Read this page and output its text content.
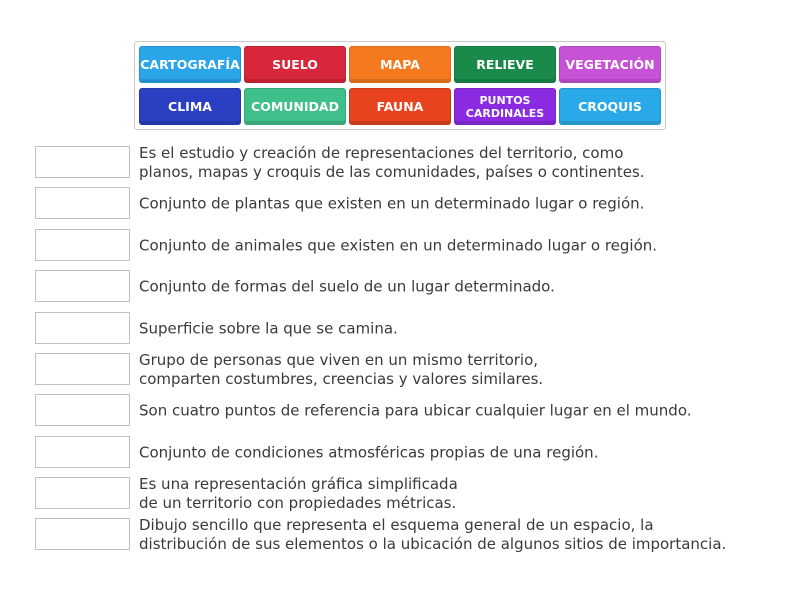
CARTOGRAFÍA	SUELO	MAPA	RELIEVE	VEGETACIÓN
CLIMA	COMUNIDAD	FAUNA	PUNTOS
CARDINALES	CROQUIS
Es el estudio y creación de representaciones del territorio, como
planos, mapas y croquis de las comunidades, países o continentes.
Conjunto de plantas que existen en un determinado lugar o región.
Conjunto de animales que existen en un determinado lugar o región.
Conjunto de formas del suelo de un lugar determinado.
Superficie sobre la que se camina.
Grupo de personas que viven en un mismo territorio,
comparten costumbres, creencias y valores similares.
Son cuatro puntos de referencia para ubicar cualquier lugar en el mundo.
Conjunto de condiciones atmosféricas propias de una región.
Es una representación gráfica simplificada
de un territorio con propiedades métricas.
Dibujo sencillo que representa el esquema general de un espacio, la
distribución de sus elementos o la ubicación de algunos sitios de importancia.
